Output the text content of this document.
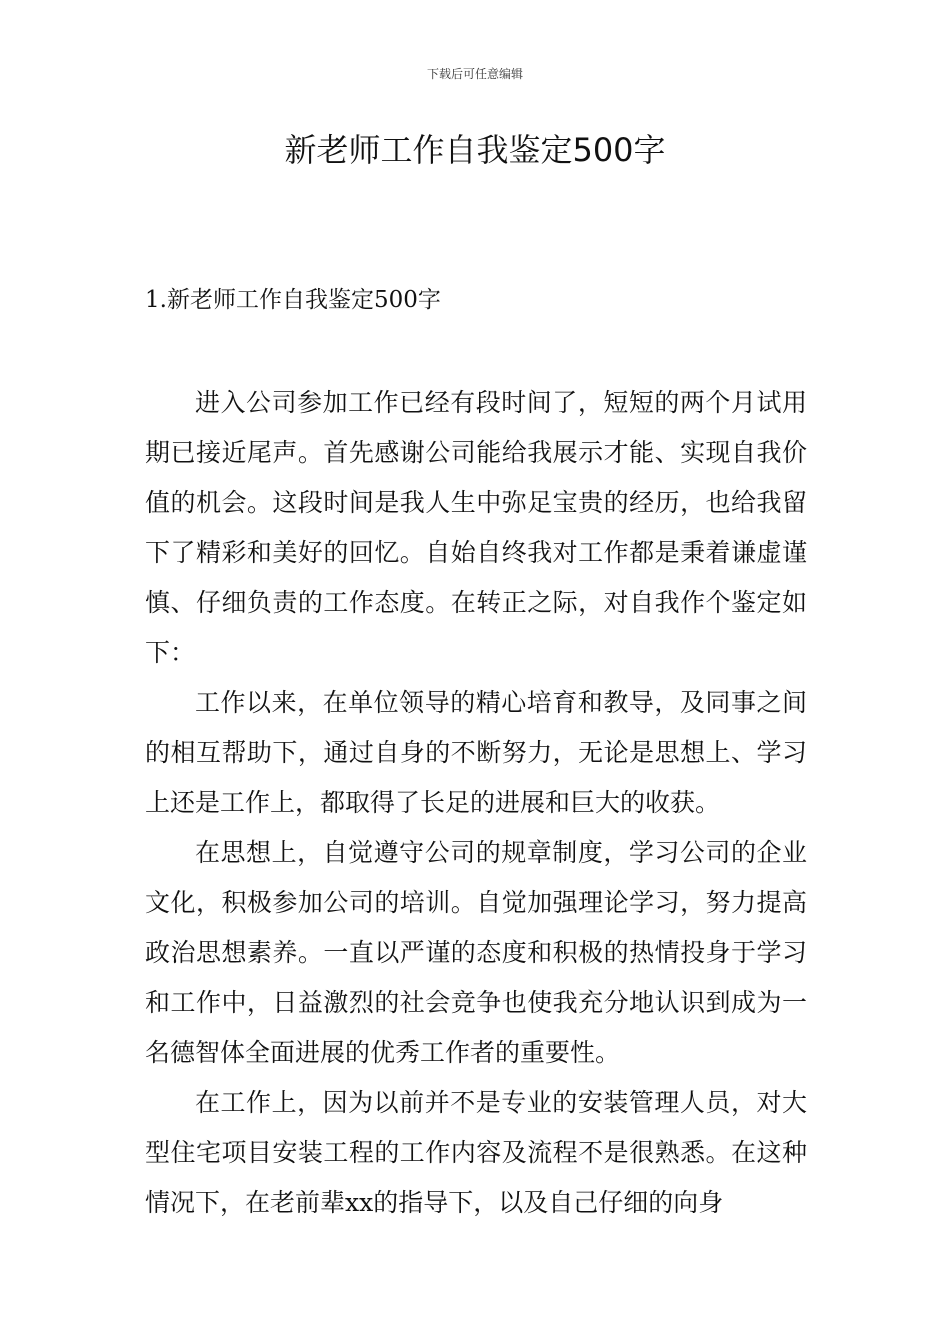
下载后可任意编辑
新老师工作自我鉴定500字
1.新老师工作自我鉴定500字

进入公司参加工作已经有段时间了，短短的两个月试用期已接近尾声。首先感谢公司能给我展示才能、实现自我价值的机会。这段时间是我人生中弥足宝贵的经历，也给我留下了精彩和美好的回忆。自始自终我对工作都是秉着谦虚谨慎、仔细负责的工作态度。在转正之际，对自我作个鉴定如下：

工作以来，在单位领导的精心培育和教导，及同事之间的相互帮助下，通过自身的不断努力，无论是思想上、学习上还是工作上，都取得了长足的进展和巨大的收获。

在思想上，自觉遵守公司的规章制度，学习公司的企业文化，积极参加公司的培训。自觉加强理论学习，努力提高政治思想素养。一直以严谨的态度和积极的热情投身于学习和工作中，日益激烈的社会竞争也使我充分地认识到成为一名德智体全面进展的优秀工作者的重要性。

在工作上，因为以前并不是专业的安装管理人员，对大型住宅项目安装工程的工作内容及流程不是很熟悉。在这种情况下，在老前辈xx的指导下，以及自己仔细的向身
